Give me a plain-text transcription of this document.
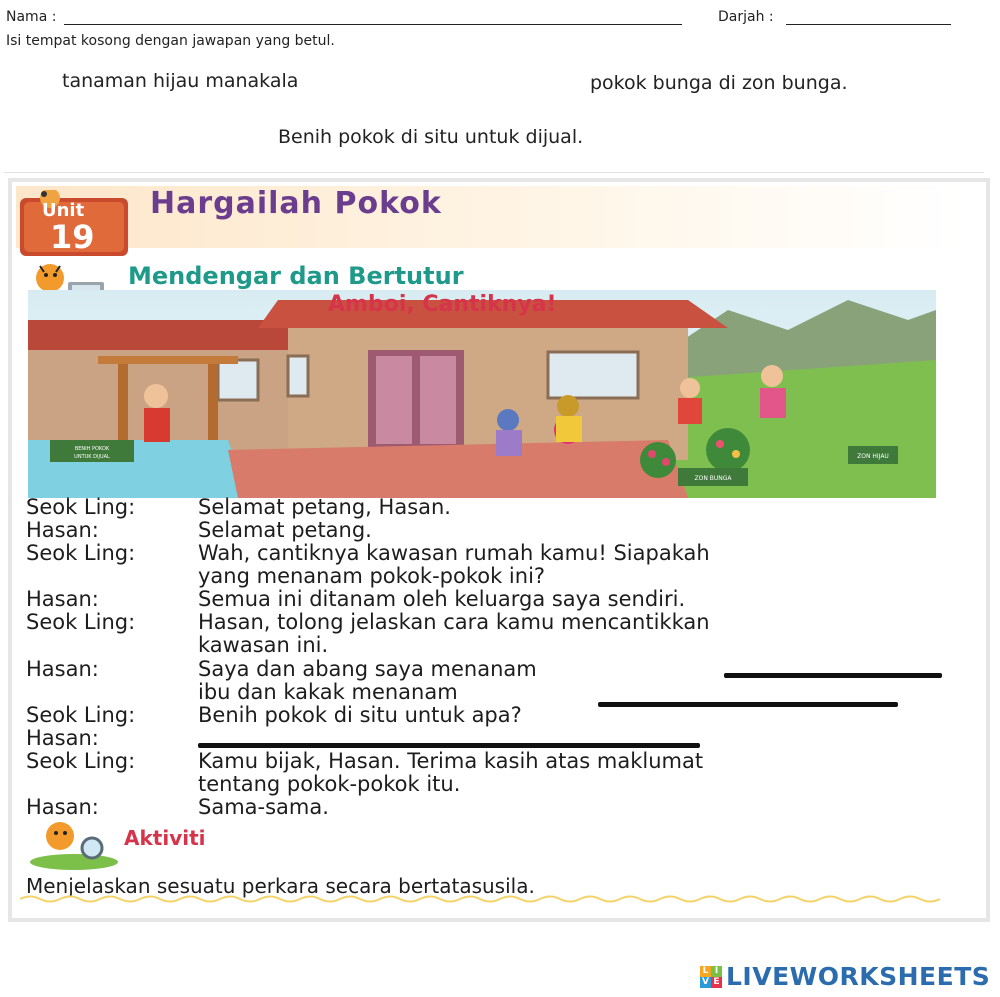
Nama :	Darjah :
Isi tempat kosong dengan jawapan yang betul.
tanaman hijau manakala	pokok bunga di zon bunga.
Benih pokok di situ untuk dijual.
Unit
19
Hargailah Pokok
Mendengar dan Bertutur
BENIH POKOK
UNTUK DIJUAL
ZON BUNGA
ZON HIJAU
Amboi, Cantiknya!
Seok Ling:	Selamat petang, Hasan.
Hasan:	Selamat petang.
Seok Ling:	Wah, cantiknya kawasan rumah kamu! Siapakah
yang menanam pokok-pokok ini?
Hasan:	Semua ini ditanam oleh keluarga saya sendiri.
Seok Ling:	Hasan, tolong jelaskan cara kamu mencantikkan
kawasan ini.
Hasan:	Saya dan abang saya menanam
ibu dan kakak menanam
Seok Ling:	Benih pokok di situ untuk apa?
Hasan:
Seok Ling:	Kamu bijak, Hasan. Terima kasih atas maklumat
tentang pokok-pokok itu.
Hasan:	Sama-sama.
Aktiviti
Menjelaskan sesuatu perkara secara bertatasusila.
L I
V E LIVEWORKSHEETS
